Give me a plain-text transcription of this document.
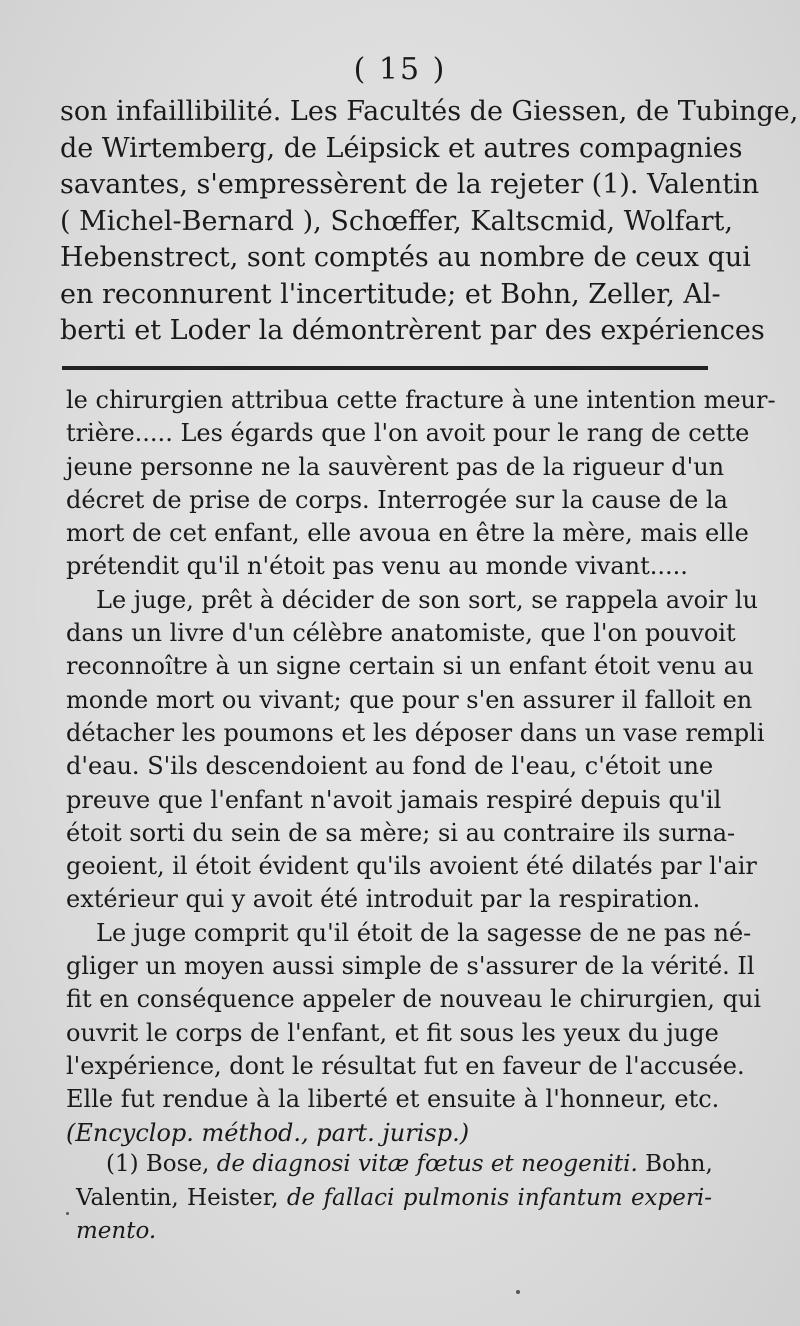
( 15 )
son infaillibilité. Les Facultés de Giessen, de Tubinge,
de Wirtemberg, de Léipsick et autres compagnies
savantes, s'empressèrent de la rejeter (1). Valentin
( Michel-Bernard ), Schœffer, Kaltscmid, Wolfart,
Hebenstrect, sont comptés au nombre de ceux qui
en reconnurent l'incertitude; et Bohn, Zeller, Al-
berti et Loder la démontrèrent par des expériences
le chirurgien attribua cette fracture à une intention meur-
trière..... Les égards que l'on avoit pour le rang de cette
jeune personne ne la sauvèrent pas de la rigueur d'un
décret de prise de corps. Interrogée sur la cause de la
mort de cet enfant, elle avoua en être la mère, mais elle
prétendit qu'il n'étoit pas venu au monde vivant.....
Le juge, prêt à décider de son sort, se rappela avoir lu
dans un livre d'un célèbre anatomiste, que l'on pouvoit
reconnoître à un signe certain si un enfant étoit venu au
monde mort ou vivant; que pour s'en assurer il falloit en
détacher les poumons et les déposer dans un vase rempli
d'eau. S'ils descendoient au fond de l'eau, c'étoit une
preuve que l'enfant n'avoit jamais respiré depuis qu'il
étoit sorti du sein de sa mère; si au contraire ils surna-
geoient, il étoit évident qu'ils avoient été dilatés par l'air
extérieur qui y avoit été introduit par la respiration.
Le juge comprit qu'il étoit de la sagesse de ne pas né-
gliger un moyen aussi simple de s'assurer de la vérité. Il
fit en conséquence appeler de nouveau le chirurgien, qui
ouvrit le corps de l'enfant, et fit sous les yeux du juge
l'expérience, dont le résultat fut en faveur de l'accusée.
Elle fut rendue à la liberté et ensuite à l'honneur, etc.
(Encyclop. méthod., part. jurisp.)
(1) Bose, de diagnosi vitæ fœtus et neogeniti. Bohn,
Valentin, Heister, de fallaci pulmonis infantum experi-
mento.
